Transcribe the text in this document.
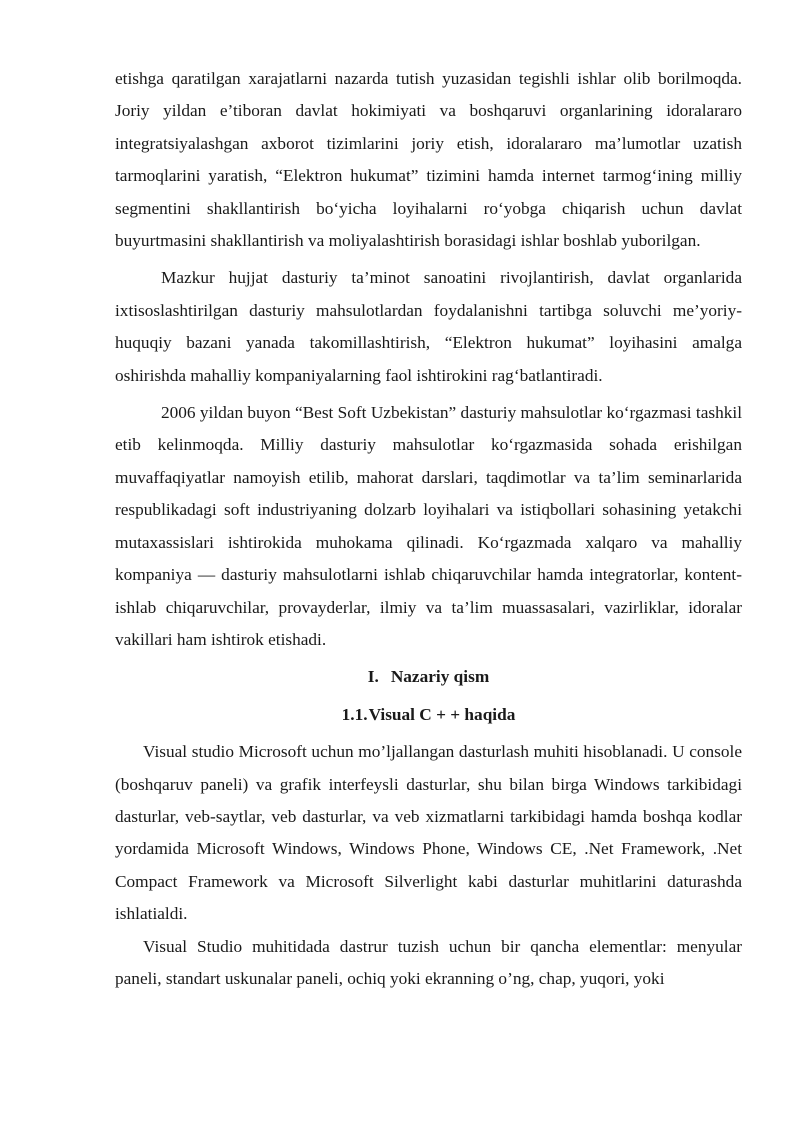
etishga qaratilgan xarajatlarni nazarda tutish yuzasidan tegishli ishlar olib borilmoqda. Joriy yildan e’tiboran davlat hokimiyati va boshqaruvi organlarining idoralararo integratsiyalashgan axborot tizimlarini joriy etish, idoralararo ma’lumotlar uzatish tarmoqlarini yaratish, “Elektron hukumat” tizimini hamda internet tarmog‘ining milliy segmentini shakllantirish bo‘yicha loyihalarni ro‘yobga chiqarish uchun davlat buyurtmasini shakllantirish va moliyalashtirish borasidagi ishlar boshlab yuborilgan.

Mazkur hujjat dasturiy ta’minot sanoatini rivojlantirish, davlat organlarida ixtisoslashtirilgan dasturiy mahsulotlardan foydalanishni tartibga soluvchi me’yoriy-huquqiy bazani yanada takomillashtirish, “Elektron hukumat” loyihasini amalga oshirishda mahalliy kompaniyalarning faol ishtirokini rag‘batlantiradi.

2006 yildan buyon “Best Soft Uzbekistan” dasturiy mahsulotlar ko‘rgazmasi tashkil etib kelinmoqda. Milliy dasturiy mahsulotlar ko‘rgazmasida sohada erishilgan muvaffaqiyatlar namoyish etilib, mahorat darslari, taqdimotlar va ta’lim seminarlarida respublikadagi soft industriyaning dolzarb loyihalari va istiqbollari sohasining yetakchi mutaxassislari ishtirokida muhokama qilinadi. Ko‘rgazmada xalqaro va mahalliy kompaniya — dasturiy mahsulotlarni ishlab chiqaruvchilar hamda integratorlar, kontent-ishlab chiqaruvchilar, provayderlar, ilmiy va ta’lim muassasalari, vazirliklar, idoralar vakillari ham ishtirok etishadi.

I. Nazariy qism
1.1.Visual C + + haqida

Visual studio Microsoft uchun mo’ljallangan dasturlash muhiti hisoblanadi. U console (boshqaruv paneli) va grafik interfeysli dasturlar, shu bilan birga Windows tarkibidagi dasturlar, veb-saytlar, veb dasturlar, va veb xizmatlarni tarkibidagi hamda boshqa kodlar yordamida Microsoft Windows, Windows Phone, Windows CE, .Net Framework, .Net Compact Framework va Microsoft Silverlight kabi dasturlar muhitlarini daturashda ishlatialdi.

Visual Studio muhitidada dastrur tuzish uchun bir qancha elementlar: menyular paneli, standart uskunalar paneli, ochiq yoki ekranning o’ng, chap, yuqori, yoki
